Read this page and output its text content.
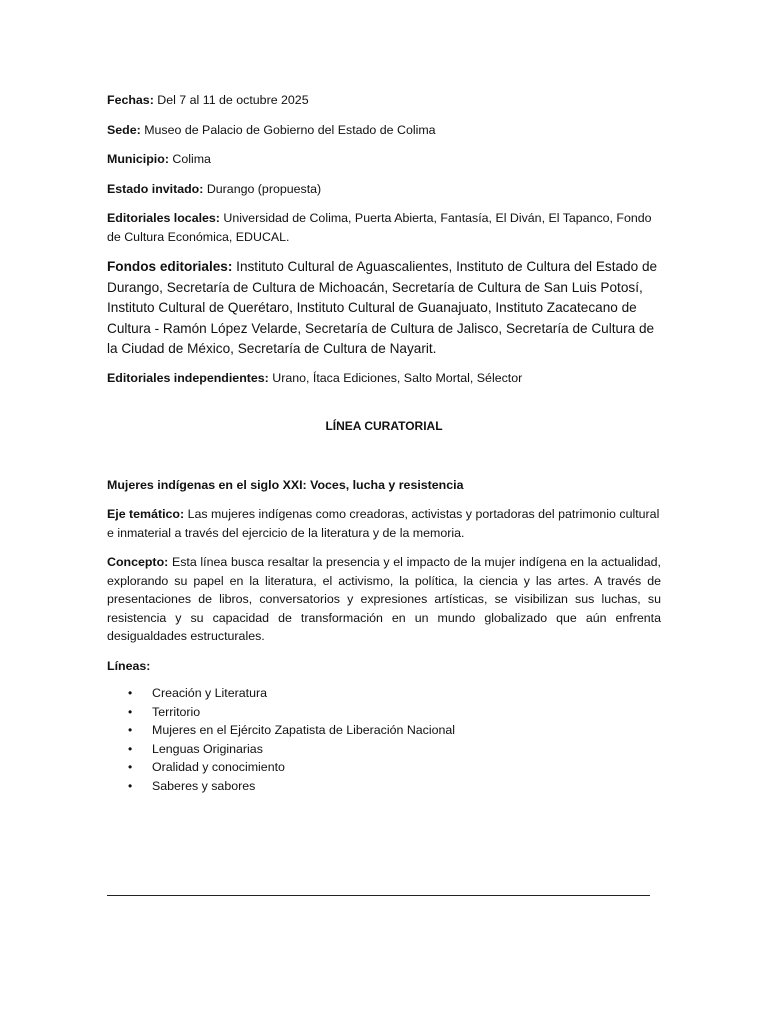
Fechas: Del 7 al 11 de octubre 2025

Sede: Museo de Palacio de Gobierno del Estado de Colima

Municipio: Colima

Estado invitado: Durango (propuesta)

Editoriales locales: Universidad de Colima, Puerta Abierta, Fantasía, El Diván, El Tapanco, Fondo de Cultura Económica, EDUCAL.

Fondos editoriales: Instituto Cultural de Aguascalientes, Instituto de Cultura del Estado de Durango, Secretaría de Cultura de Michoacán, Secretaría de Cultura de San Luis Potosí, Instituto Cultural de Querétaro, Instituto Cultural de Guanajuato, Instituto Zacatecano de Cultura - Ramón López Velarde, Secretaría de Cultura de Jalisco, Secretaría de Cultura de la Ciudad de México, Secretaría de Cultura de Nayarit.

Editoriales independientes: Urano, Ítaca Ediciones, Salto Mortal, Sélector

LÍNEA CURATORIAL

Mujeres indígenas en el siglo XXI: Voces, lucha y resistencia

Eje temático: Las mujeres indígenas como creadoras, activistas y portadoras del patrimonio cultural e inmaterial a través del ejercicio de la literatura y de la memoria.

Concepto: Esta línea busca resaltar la presencia y el impacto de la mujer indígena en la actualidad, explorando su papel en la literatura, el activismo, la política, la ciencia y las artes. A través de presentaciones de libros, conversatorios y expresiones artísticas, se visibilizan sus luchas, su resistencia y su capacidad de transformación en un mundo globalizado que aún enfrenta desigualdades estructurales.

Líneas:

• Creación y Literatura
• Territorio
• Mujeres en el Ejército Zapatista de Liberación Nacional
• Lenguas Originarias
• Oralidad y conocimiento
• Saberes y sabores
